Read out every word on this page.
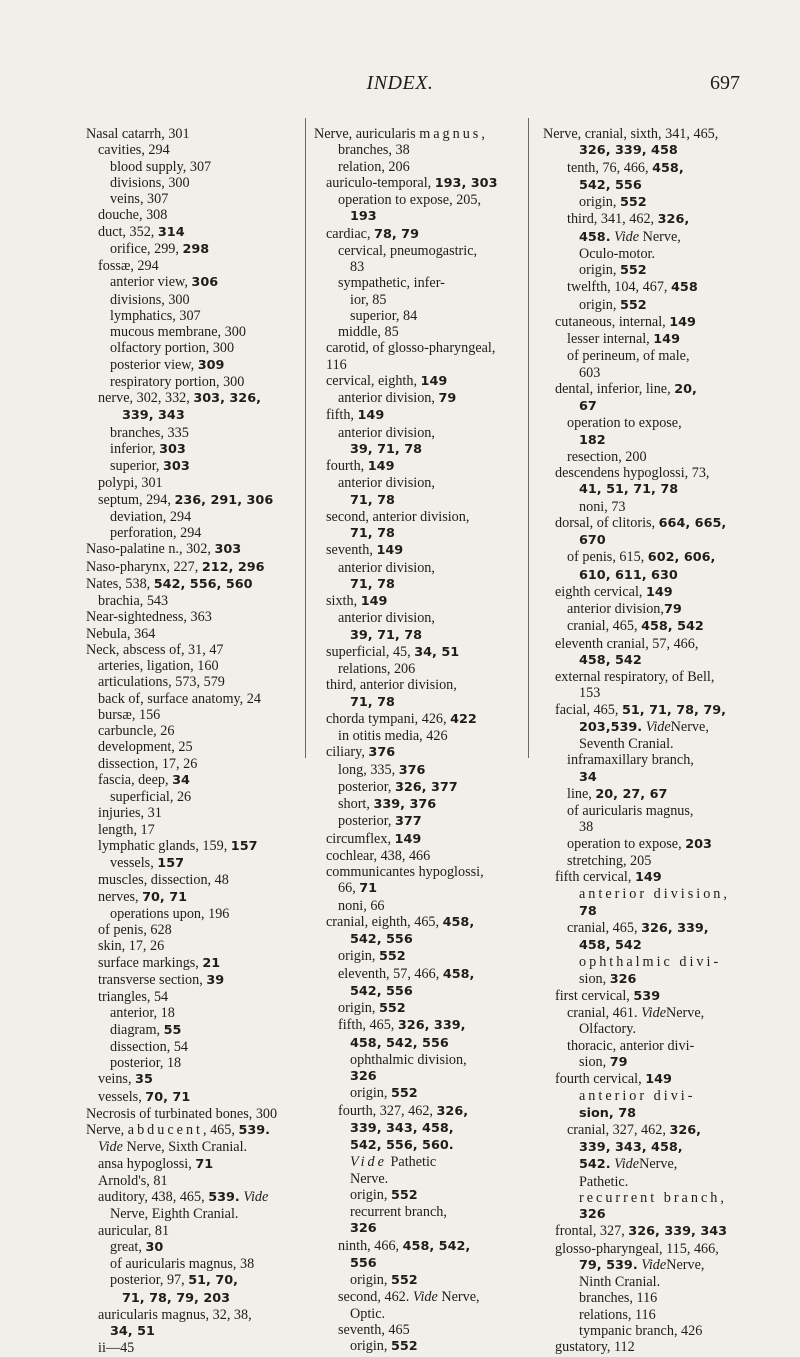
INDEX.	697
Nasal catarrh, 301
cavities, 294
blood supply, 307
divisions, 300
veins, 307
douche, 308
duct, 352, 314
orifice, 299, 298
fossæ, 294
anterior view, 306
divisions, 300
lymphatics, 307
mucous membrane, 300
olfactory portion, 300
posterior view, 309
respiratory portion, 300
nerve, 302, 332, 303, 326,
339, 343
branches, 335
inferior, 303
superior, 303
polypi, 301
septum, 294, 236, 291, 306
deviation, 294
perforation, 294
Naso-palatine n., 302, 303
Naso-pharynx, 227, 212, 296
Nates, 538, 542, 556, 560
brachia, 543
Near-sightedness, 363
Nebula, 364
Neck, abscess of, 31, 47
arteries, ligation, 160
articulations, 573, 579
back of, surface anatomy, 24
bursæ, 156
carbuncle, 26
development, 25
dissection, 17, 26
fascia, deep, 34
superficial, 26
injuries, 31
length, 17
lymphatic glands, 159, 157
vessels, 157
muscles, dissection, 48
nerves, 70, 71
operations upon, 196
of penis, 628
skin, 17, 26
surface markings, 21
transverse section, 39
triangles, 54
anterior, 18
diagram, 55
dissection, 54
posterior, 18
veins, 35
vessels, 70, 71
Necrosis of turbinated bones, 300
Nerve, abducent, 465, 539.
Vide Nerve, Sixth Cranial.
ansa hypoglossi, 71
Arnold's, 81
auditory, 438, 465, 539. Vide
Nerve, Eighth Cranial.
auricular, 81
great, 30
of auricularis magnus, 38
posterior, 97, 51, 70,
71, 78, 79, 203
auricularis magnus, 32, 38,
34, 51
ii—45
Nerve, auricularis magnus,
branches, 38
relation, 206
auriculo-temporal, 193, 303
operation to expose, 205,
193
cardiac, 78, 79
cervical, pneumogastric,
83
sympathetic, infer-
ior, 85
superior, 84
middle, 85
carotid, of glosso-pharyngeal,
116
cervical, eighth, 149
anterior division, 79
fifth, 149
anterior division,
39, 71, 78
fourth, 149
anterior division,
71, 78
second, anterior division,
71, 78
seventh, 149
anterior division,
71, 78
sixth, 149
anterior division,
39, 71, 78
superficial, 45, 34, 51
relations, 206
third, anterior division,
71, 78
chorda tympani, 426, 422
in otitis media, 426
ciliary, 376
long, 335, 376
posterior, 326, 377
short, 339, 376
posterior, 377
circumflex, 149
cochlear, 438, 466
communicantes hypoglossi,
66, 71
noni, 66
cranial, eighth, 465, 458,
542, 556
origin, 552
eleventh, 57, 466, 458,
542, 556
origin, 552
fifth, 465, 326, 339,
458, 542, 556
ophthalmic division,
326
origin, 552
fourth, 327, 462, 326,
339, 343, 458,
542, 556, 560.
Vide Pathetic
Nerve.
origin, 552
recurrent branch,
326
ninth, 466, 458, 542,
556
origin, 552
second, 462. Vide Nerve,
Optic.
seventh, 465
origin, 552
Nerve, cranial, sixth, 341, 465,
326, 339, 458
tenth, 76, 466, 458,
542, 556
origin, 552
third, 341, 462, 326,
458. Vide Nerve,
Oculo-motor.
origin, 552
twelfth, 104, 467, 458
origin, 552
cutaneous, internal, 149
lesser internal, 149
of perineum, of male,
603
dental, inferior, line, 20,
67
operation to expose,
182
resection, 200
descendens hypoglossi, 73,
41, 51, 71, 78
noni, 73
dorsal, of clitoris, 664, 665,
670
of penis, 615, 602, 606,
610, 611, 630
eighth cervical, 149
anterior division,79
cranial, 465, 458, 542
eleventh cranial, 57, 466,
458, 542
external respiratory, of Bell,
153
facial, 465, 51, 71, 78, 79,
203,539. VideNerve,
Seventh Cranial.
inframaxillary branch,
34
line, 20, 27, 67
of auricularis magnus,
38
operation to expose, 203
stretching, 205
fifth cervical, 149
anterior division,
78
cranial, 465, 326, 339,
458, 542
ophthalmic divi-
sion, 326
first cervical, 539
cranial, 461. VideNerve,
Olfactory.
thoracic, anterior divi-
sion, 79
fourth cervical, 149
anterior divi-
sion, 78
cranial, 327, 462, 326,
339, 343, 458,
542. VideNerve,
Pathetic.
recurrent branch,
326
frontal, 327, 326, 339, 343
glosso-pharyngeal, 115, 466,
79, 539. VideNerve,
Ninth Cranial.
branches, 116
relations, 116
tympanic branch, 426
gustatory, 112
